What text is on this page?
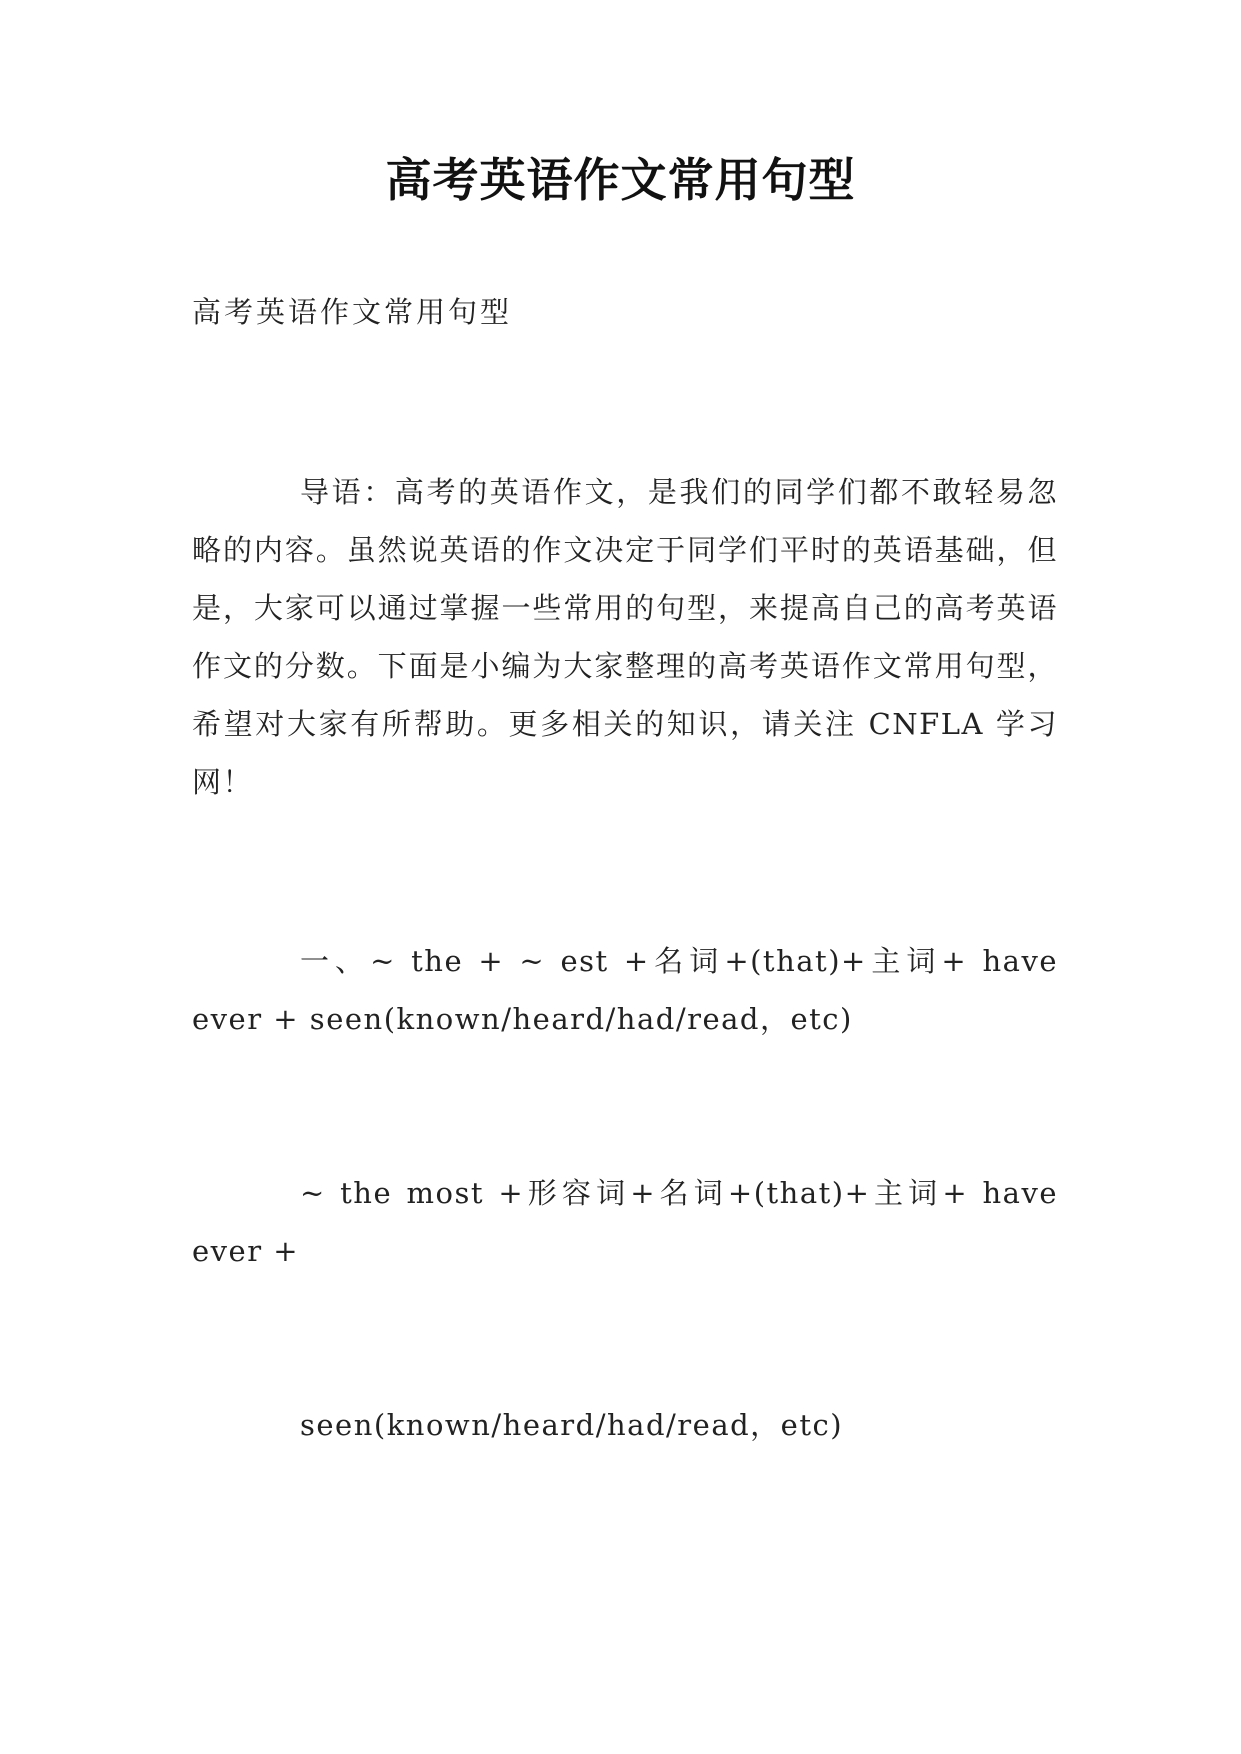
高考英语作文常用句型

高考英语作文常用句型

导语：高考的英语作文，是我们的同学们都不敢轻易忽略的内容。虽然说英语的作文决定于同学们平时的英语基础，但是，大家可以通过掌握一些常用的句型，来提高自己的高考英语作文的分数。下面是小编为大家整理的高考英语作文常用句型，希望对大家有所帮助。更多相关的知识，请关注 CNFLA 学习网！

一、~ the + ~ est +名词+(that)+主词+ have ever + seen(known/heard/had/read，etc)

~ the most +形容词+名词+(that)+主词+ have ever +

seen(known/heard/had/read，etc)
